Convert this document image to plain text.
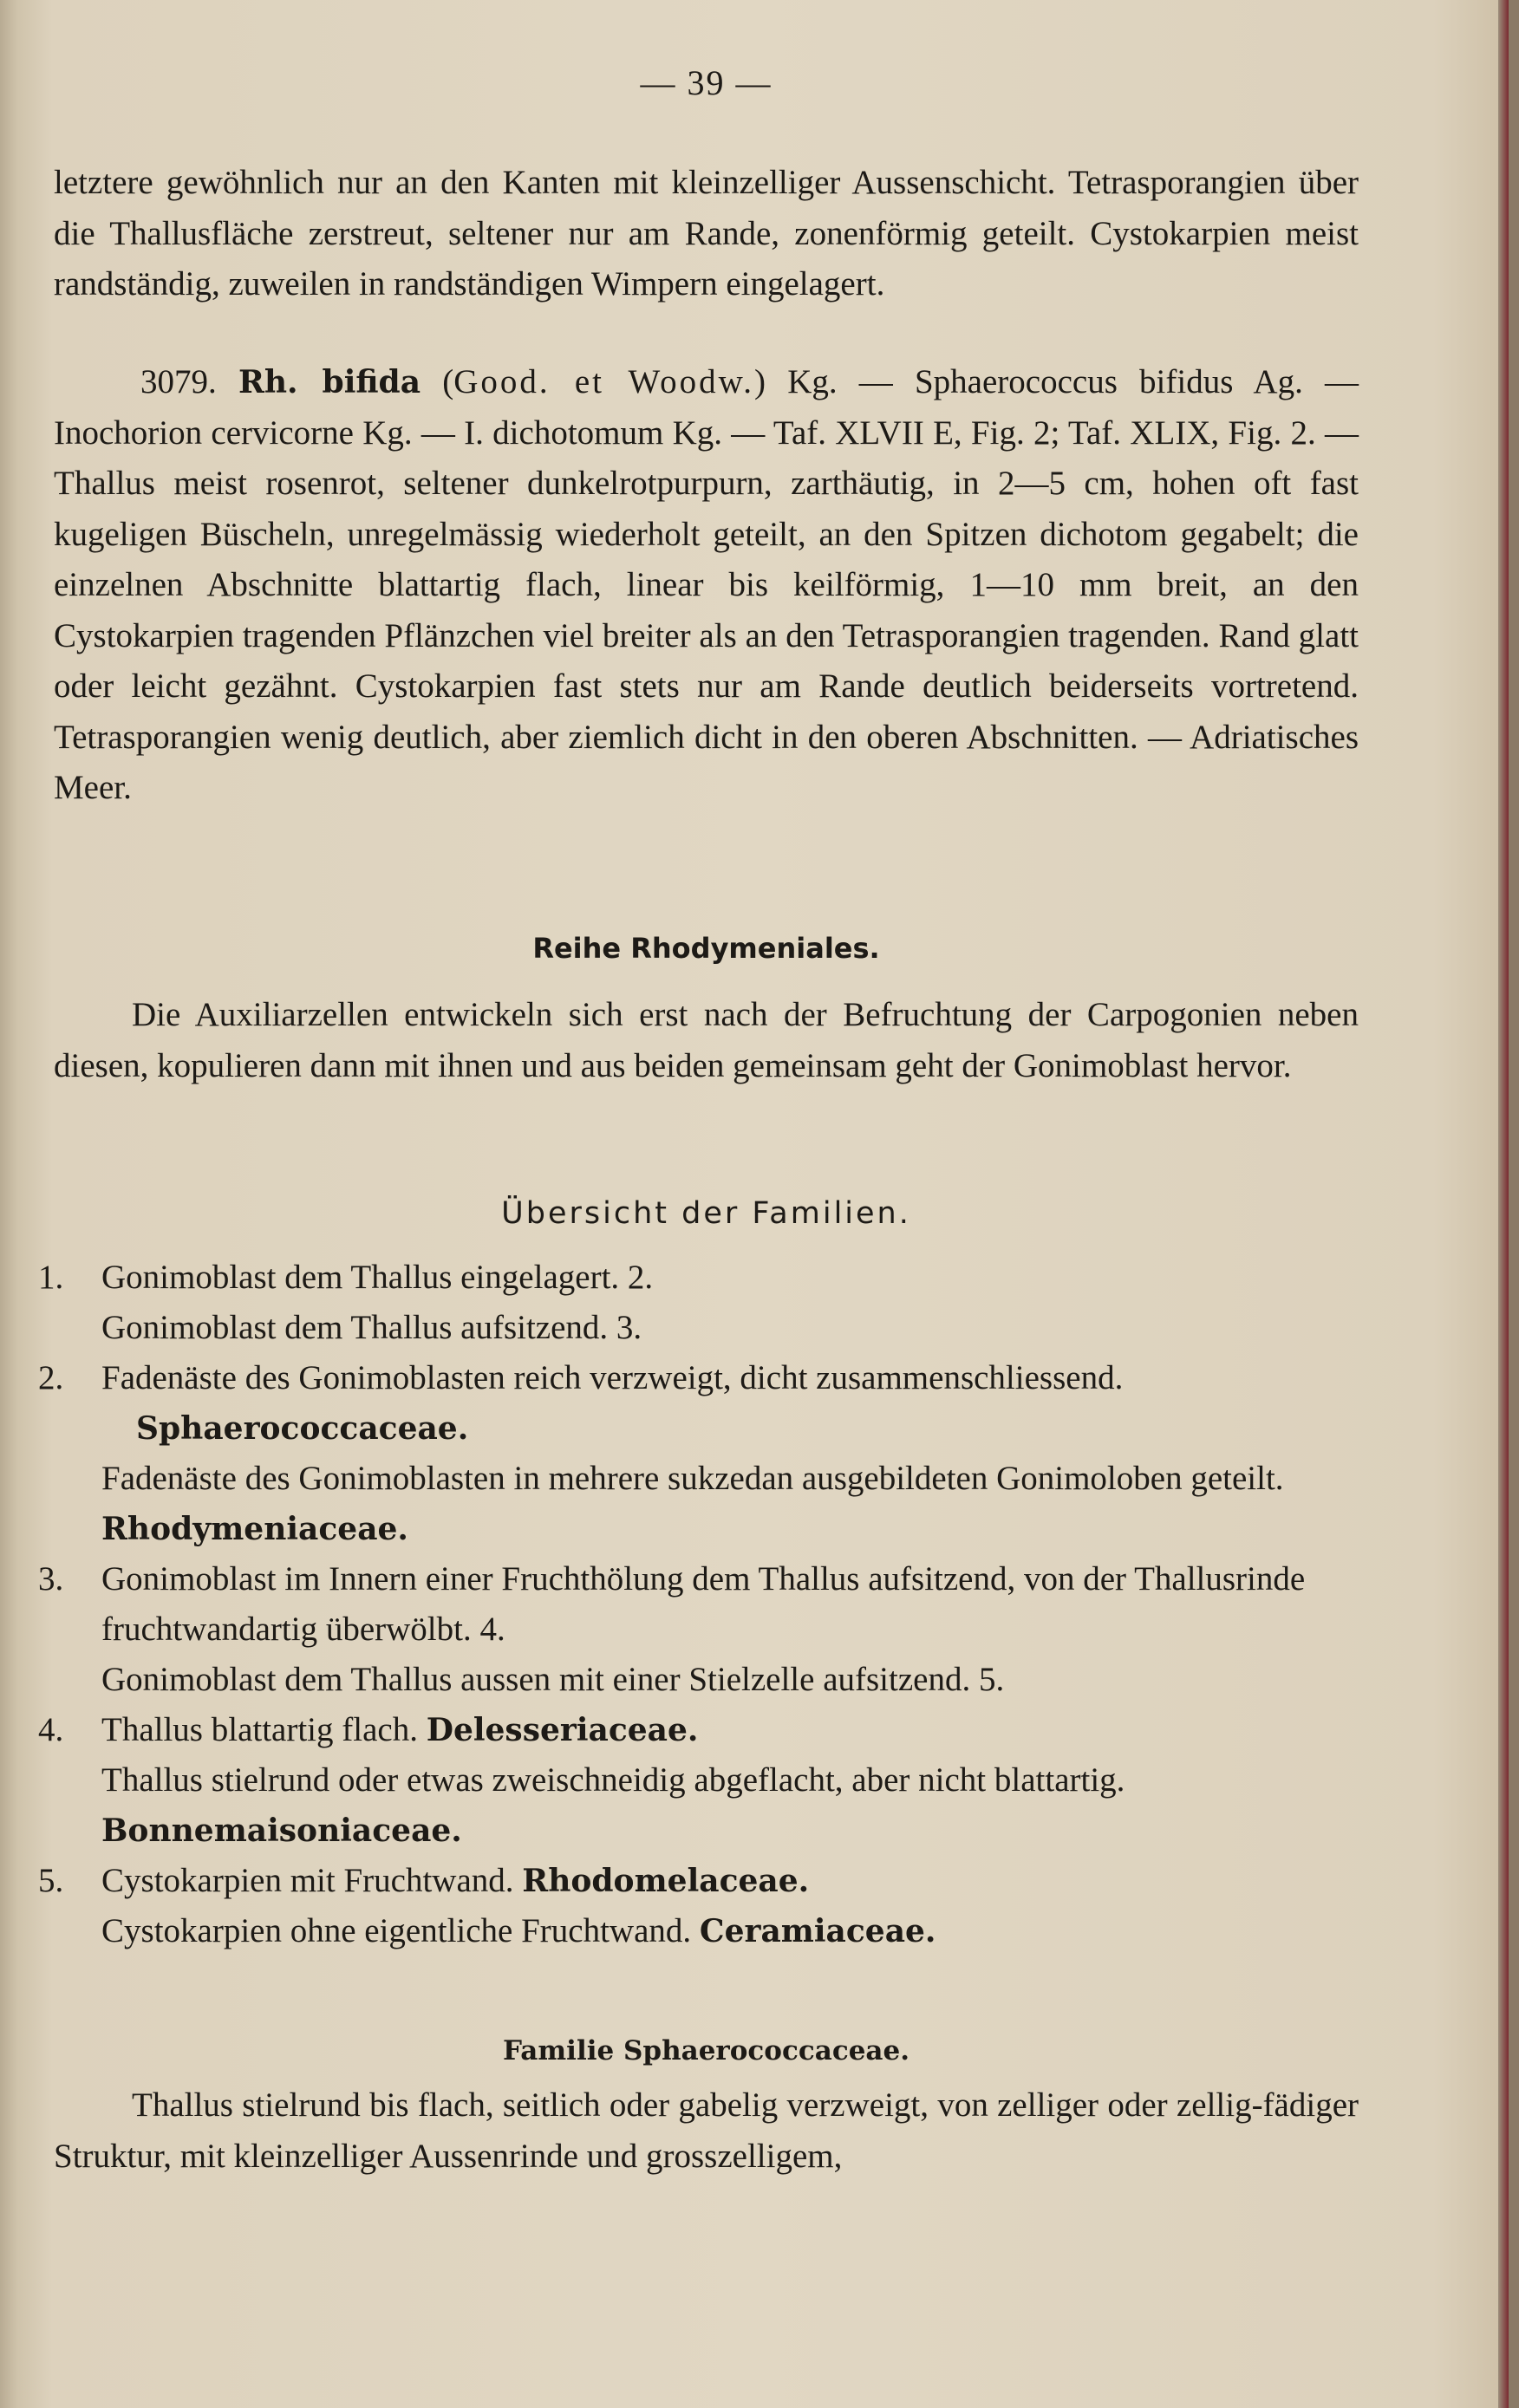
— 39 —
letztere gewöhnlich nur an den Kanten mit kleinzelliger Aussenschicht. Tetrasporangien über die Thallusfläche zerstreut, seltener nur am Rande, zonenförmig geteilt. Cystokarpien meist randständig, zuweilen in randständigen Wimpern eingelagert.
3079. Rh. bifida (Good. et Woodw.) Kg. — Sphaerococcus bifidus Ag. — Inochorion cervicorne Kg. — I. dichotomum Kg. — Taf. XLVII E, Fig. 2; Taf. XLIX, Fig. 2. — Thallus meist rosenrot, seltener dunkelrotpurpurn, zarthäutig, in 2—5 cm, hohen oft fast kugeligen Büscheln, unregelmässig wiederholt geteilt, an den Spitzen dichotom gegabelt; die einzelnen Abschnitte blattartig flach, linear bis keilförmig, 1—10 mm breit, an den Cystokarpien tragenden Pflänzchen viel breiter als an den Tetrasporangien tragenden. Rand glatt oder leicht gezähnt. Cystokarpien fast stets nur am Rande deutlich beiderseits vortretend. Tetrasporangien wenig deutlich, aber ziemlich dicht in den oberen Abschnitten. — Adriatisches Meer.
Reihe Rhodymeniales.
Die Auxiliarzellen entwickeln sich erst nach der Befruchtung der Carpogonien neben diesen, kopulieren dann mit ihnen und aus beiden gemeinsam geht der Gonimoblast hervor.
Übersicht der Familien.
1. Gonimoblast dem Thallus eingelagert. 2.
Gonimoblast dem Thallus aufsitzend. 3.
2. Fadenäste des Gonimoblasten reich verzweigt, dicht zusammenschliessend.
Sphaerococcaceae.
Fadenäste des Gonimoblasten in mehrere sukzedan ausgebildeten Gonimoloben geteilt. Rhodymeniaceae.
3. Gonimoblast im Innern einer Fruchthölung dem Thallus aufsitzend, von der Thallusrinde fruchtwandartig überwölbt. 4.
Gonimoblast dem Thallus aussen mit einer Stielzelle aufsitzend. 5.
4. Thallus blattartig flach. Delesseriaceae.
Thallus stielrund oder etwas zweischneidig abgeflacht, aber nicht blattartig. Bonnemaisoniaceae.
5. Cystokarpien mit Fruchtwand. Rhodomelaceae.
Cystokarpien ohne eigentliche Fruchtwand. Ceramiaceae.
Familie Sphaerococcaceae.
Thallus stielrund bis flach, seitlich oder gabelig verzweigt, von zelliger oder zellig-fädiger Struktur, mit kleinzelliger Aussenrinde und grosszelligem,
